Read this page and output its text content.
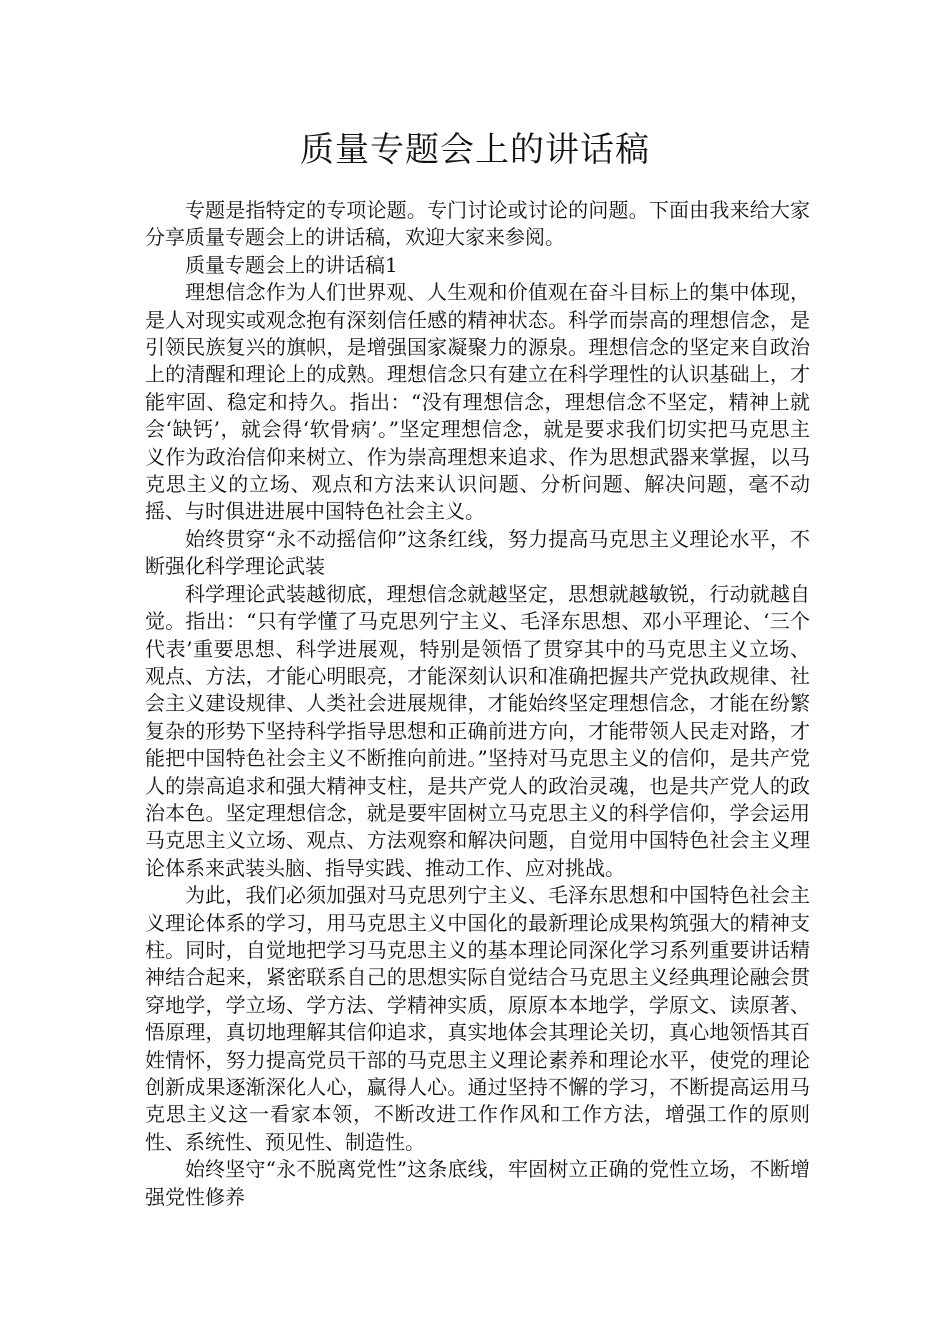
质量专题会上的讲话稿

专题是指特定的专项论题。专门讨论或讨论的问题。下面由我来给大家分享质量专题会上的讲话稿，欢迎大家来参阅。

质量专题会上的讲话稿1

理想信念作为人们世界观、人生观和价值观在奋斗目标上的集中体现，是人对现实或观念抱有深刻信任感的精神状态。科学而崇高的理想信念，是引领民族复兴的旗帜，是增强国家凝聚力的源泉。理想信念的坚定来自政治上的清醒和理论上的成熟。理想信念只有建立在科学理性的认识基础上，才能牢固、稳定和持久。指出：“没有理想信念，理想信念不坚定，精神上就会‘缺钙’，就会得‘软骨病’。”坚定理想信念，就是要求我们切实把马克思主义作为政治信仰来树立、作为崇高理想来追求、作为思想武器来掌握，以马克思主义的立场、观点和方法来认识问题、分析问题、解决问题，毫不动摇、与时俱进进展中国特色社会主义。

始终贯穿“永不动摇信仰”这条红线，努力提高马克思主义理论水平，不断强化科学理论武装

科学理论武装越彻底，理想信念就越坚定，思想就越敏锐，行动就越自觉。指出：“只有学懂了马克思列宁主义、毛泽东思想、邓小平理论、‘三个代表’重要思想、科学进展观，特别是领悟了贯穿其中的马克思主义立场、观点、方法，才能心明眼亮，才能深刻认识和准确把握共产党执政规律、社会主义建设规律、人类社会进展规律，才能始终坚定理想信念，才能在纷繁复杂的形势下坚持科学指导思想和正确前进方向，才能带领人民走对路，才能把中国特色社会主义不断推向前进。”坚持对马克思主义的信仰，是共产党人的崇高追求和强大精神支柱，是共产党人的政治灵魂，也是共产党人的政治本色。坚定理想信念，就是要牢固树立马克思主义的科学信仰，学会运用马克思主义立场、观点、方法观察和解决问题，自觉用中国特色社会主义理论体系来武装头脑、指导实践、推动工作、应对挑战。

为此，我们必须加强对马克思列宁主义、毛泽东思想和中国特色社会主义理论体系的学习，用马克思主义中国化的最新理论成果构筑强大的精神支柱。同时，自觉地把学习马克思主义的基本理论同深化学习系列重要讲话精神结合起来，紧密联系自己的思想实际自觉结合马克思主义经典理论融会贯穿地学，学立场、学方法、学精神实质，原原本本地学，学原文、读原著、悟原理，真切地理解其信仰追求，真实地体会其理论关切，真心地领悟其百姓情怀，努力提高党员干部的马克思主义理论素养和理论水平，使党的理论创新成果逐渐深化人心，赢得人心。通过坚持不懈的学习，不断提高运用马克思主义这一看家本领，不断改进工作作风和工作方法，增强工作的原则性、系统性、预见性、制造性。

始终坚守“永不脱离党性”这条底线，牢固树立正确的党性立场，不断增强党性修养
